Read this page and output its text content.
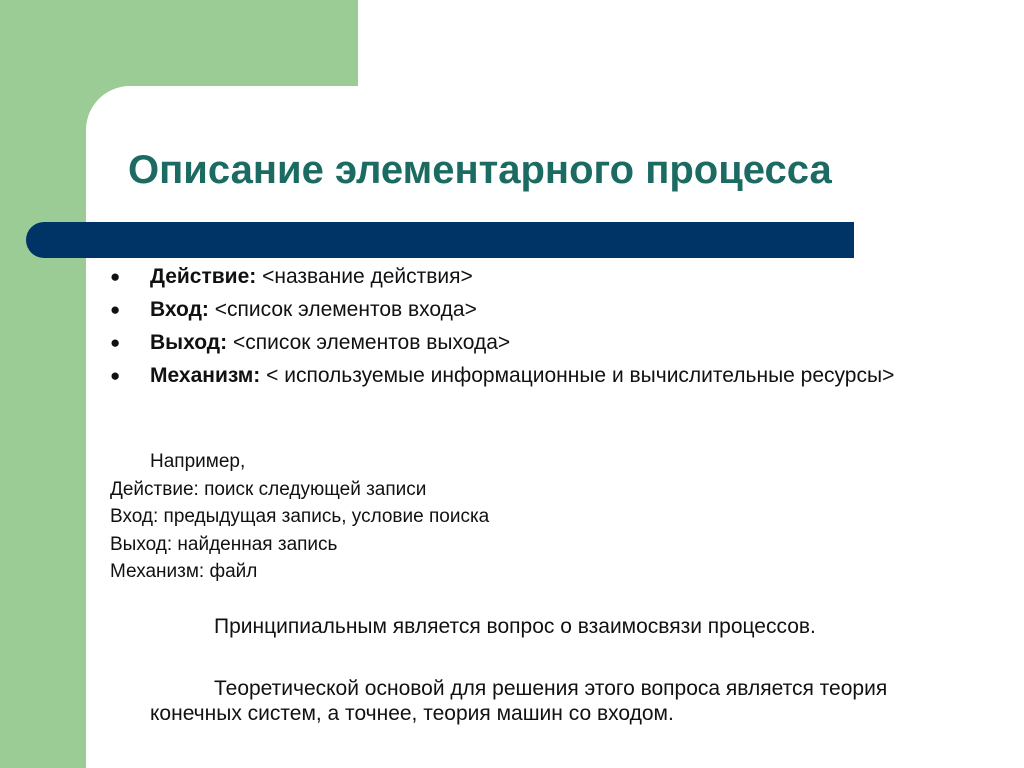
Описание элементарного процесса
●	Действие: <название действия>
●	Вход: <список элементов входа>
●	Выход: <список элементов выхода>
●	Механизм: < используемые информационные и вычислительные ресурсы>
Например,
Действие: поиск следующей записи
Вход: предыдущая запись, условие поиска
Выход: найденная запись
Механизм: файл

Принципиальным является вопрос о взаимосвязи процессов.

Теоретической основой для решения этого вопроса является теория конечных систем, а точнее, теория машин со входом.
